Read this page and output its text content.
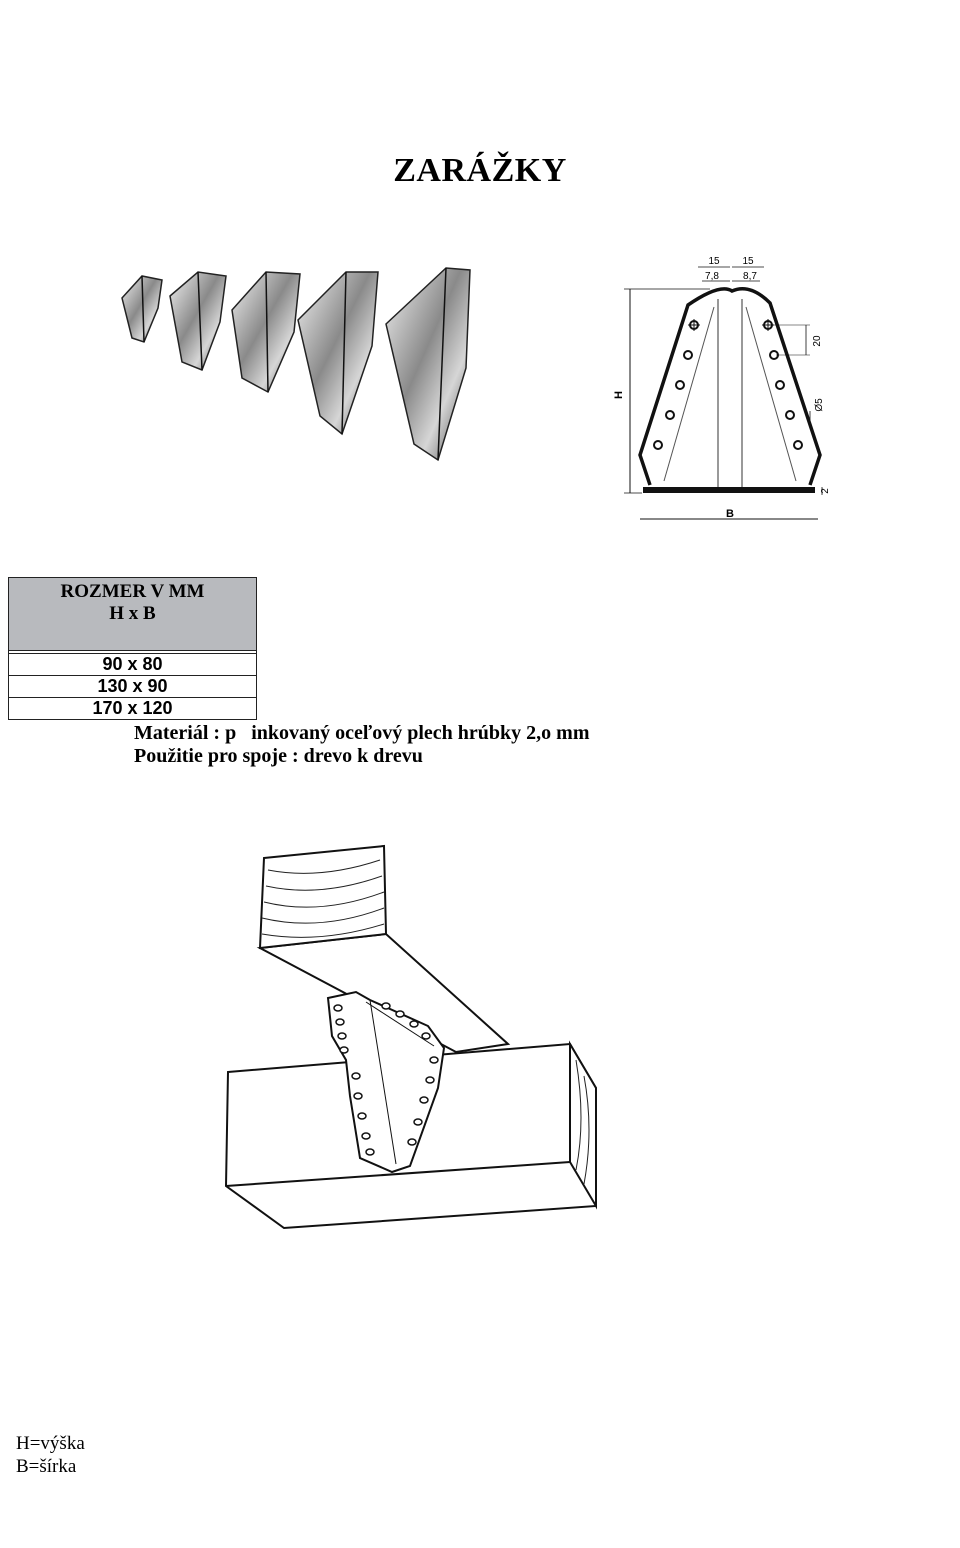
ZARÁŽKY
H
B
15 15
7,8 8,7
20
Ø5
2
ROZMER V MM
H x B

90 x 80
130 x 90
170 x 120
Materiál : p   inkovaný oceľový plech hrúbky 2,o mm
Použitie pro spoje : drevo k drevu
H=výška
B=šírka
